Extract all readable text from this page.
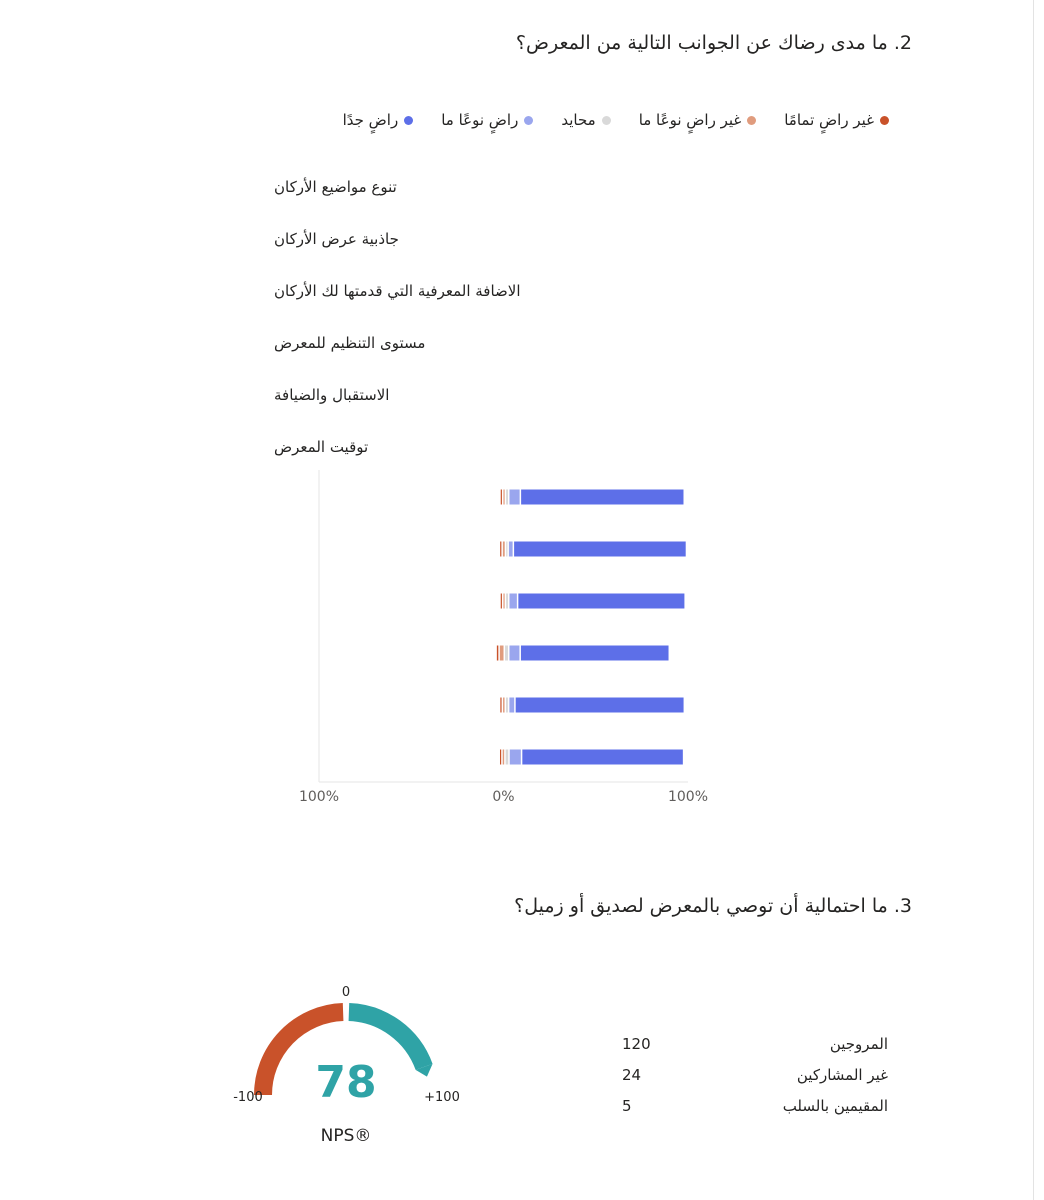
2. ما مدى رضاك عن الجوانب التالية من المعرض؟
غير راضٍ تمامًا
غير راضٍ نوعًا ما
محايد
راضٍ نوعًا ما
راضٍ جدًا
تنوع مواضيع الأركان
جاذبية عرض الأركان
الاضافة المعرفية التي قدمتها لك الأركان
مستوى التنظيم للمعرض
الاستقبال والضيافة
توقيت المعرض
100%	0%	100%
3. ما احتمالية أن توصي بالمعرض لصديق أو زميل؟
المروجين
120
غير المشاركين
24
المقيمين بالسلب
5
78
0
-100	+100
NPS®
